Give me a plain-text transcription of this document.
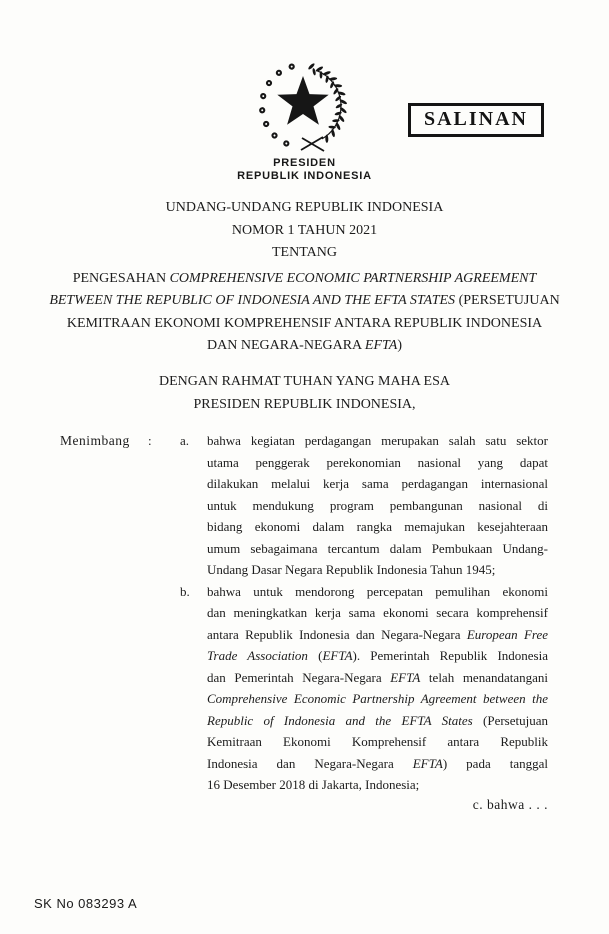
PRESIDEN
REPUBLIK INDONESIA
SALINAN
UNDANG-UNDANG REPUBLIK INDONESIA
NOMOR 1 TAHUN 2021
TENTANG
PENGESAHAN COMPREHENSIVE ECONOMIC PARTNERSHIP AGREEMENT
BETWEEN THE REPUBLIC OF INDONESIA AND THE EFTA STATES (PERSETUJUAN
KEMITRAAN EKONOMI KOMPREHENSIF ANTARA REPUBLIK INDONESIA
DAN NEGARA-NEGARA EFTA)
DENGAN RAHMAT TUHAN YANG MAHA ESA
PRESIDEN REPUBLIK INDONESIA,
Menimbang	:	a.	bahwa kegiatan perdagangan merupakan salah satu sektor
utama penggerak perekonomian nasional yang dapat
dilakukan melalui kerja sama perdagangan internasional
untuk mendukung program pembangunan nasional di
bidang ekonomi dalam rangka memajukan kesejahteraan
umum sebagaimana tercantum dalam Pembukaan Undang-
Undang Dasar Negara Republik Indonesia Tahun 1945;
b.	bahwa untuk mendorong percepatan pemulihan ekonomi
dan meningkatkan kerja sama ekonomi secara komprehensif
antara Republik Indonesia dan Negara-Negara European Free
Trade Association (EFTA). Pemerintah Republik Indonesia
dan Pemerintah Negara-Negara EFTA telah menandatangani
Comprehensive Economic Partnership Agreement between the
Republic of Indonesia and the EFTA States (Persetujuan
Kemitraan Ekonomi Komprehensif antara Republik
Indonesia dan Negara-Negara EFTA) pada tanggal
16 Desember 2018 di Jakarta, Indonesia;
c. bahwa . . .
SK No 083293 A
